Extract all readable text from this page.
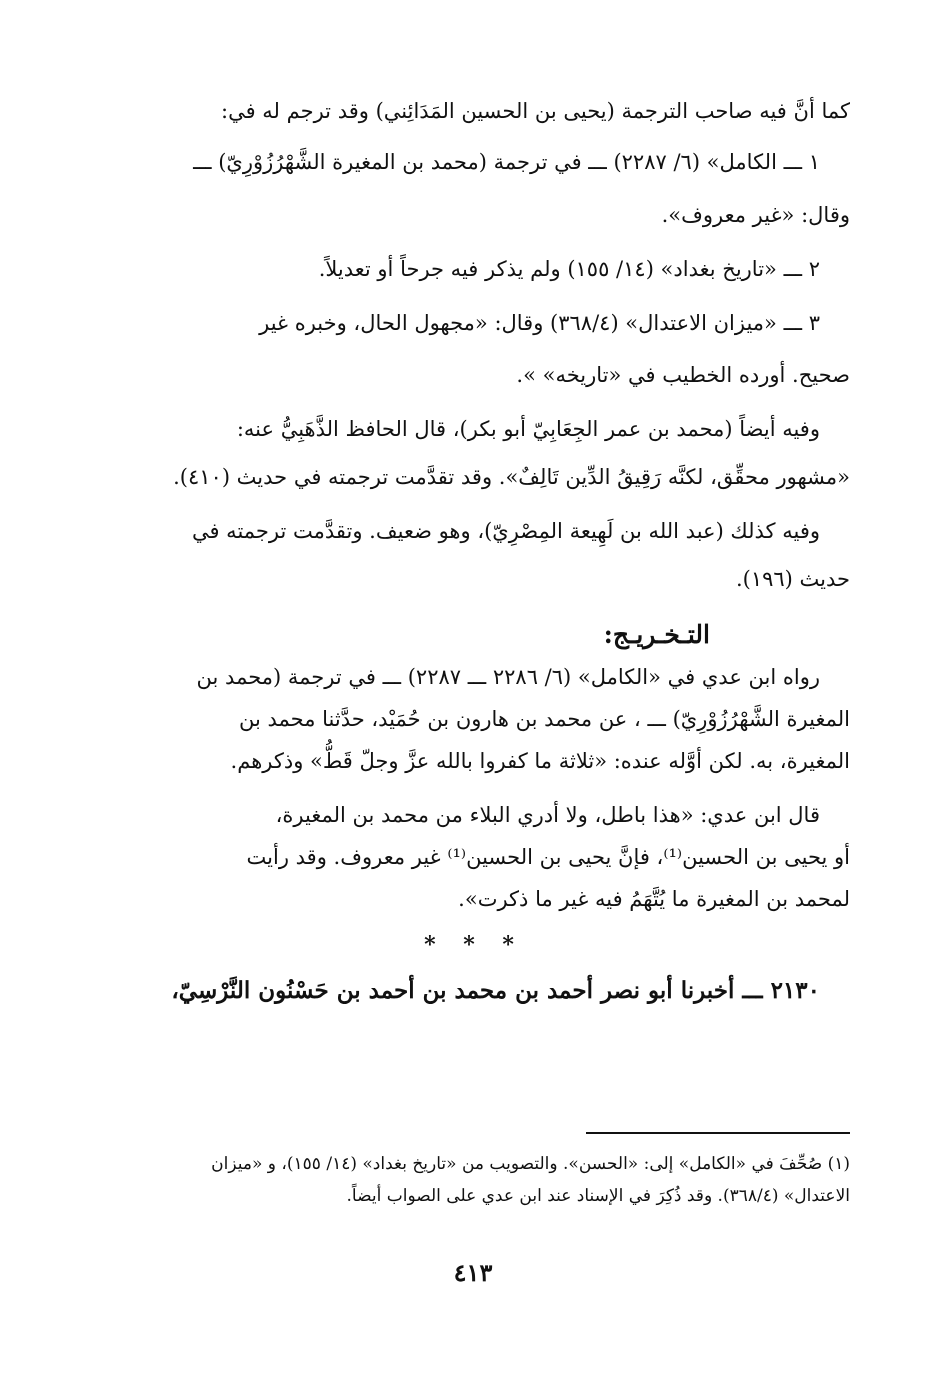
كما أنَّ فيه صاحب الترجمة (يحيى بن الحسين المَدَائِني) وقد ترجم له في:
١ ـــ الكامل» (٦/ ٢٢٨٧) ـــ في ترجمة (محمد بن المغيرة الشَّهْرُزُوْرِيّ) ـــ
وقال: «غير معروف».
٢ ـــ «تاريخ بغداد» (١٤/ ١٥٥) ولم يذكر فيه جرحاً أو تعديلاً.
٣ ـــ «ميزان الاعتدال» (٣٦٨/٤) وقال: «مجهول الحال، وخبره غير
صحيح. أورده الخطيب في «تاريخه» ».
وفيه أيضاً (محمد بن عمر الجِعَابِيّ أبو بكر)، قال الحافظ الذَّهَبِيُّ عنه:
«مشهور محقِّق، لكنَّه رَقِيقُ الدِّين تَالِفٌ». وقد تقدَّمت ترجمته في حديث (٤١٠).
وفيه كذلك (عبد الله بن لَهِيعة المِصْرِيّ)، وهو ضعيف. وتقدَّمت ترجمته في
حديث (١٩٦).
التـخـريـج:
رواه ابن عدي في «الكامل» (٦/ ٢٢٨٦ ـــ ٢٢٨٧) ـــ في ترجمة (محمد بن
المغيرة الشَّهْرُزُوْرِيّ) ـــ ، عن محمد بن هارون بن حُمَيْد، حدَّثنا محمد بن
المغيرة، به. لكن أوَّله عنده: «ثلاثة ما كفروا بالله عزَّ وجلّ قَطُّ» وذكرهم.
قال ابن عدي: «هذا باطل، ولا أدري البلاء من محمد بن المغيرة،
أو يحيى بن الحسين⁽¹⁾، فإنَّ يحيى بن الحسين⁽¹⁾ غير معروف. وقد رأيت
لمحمد بن المغيرة ما يُتَّهَمُ فيه غير ما ذكرت».
* * *
٢١٣٠ ـــ أخبرنا أبو نصر أحمد بن محمد بن أحمد بن حَسْنُون النَّرْسِيّ،
(١) صُحِّفَ في «الكامل» إلى: «الحسن». والتصويب من «تاريخ بغداد» (١٤/ ١٥٥)، و «ميزان
الاعتدال» (٣٦٨/٤). وقد ذُكِرَ في الإسناد عند ابن عدي على الصواب أيضاً.
٤١٣
